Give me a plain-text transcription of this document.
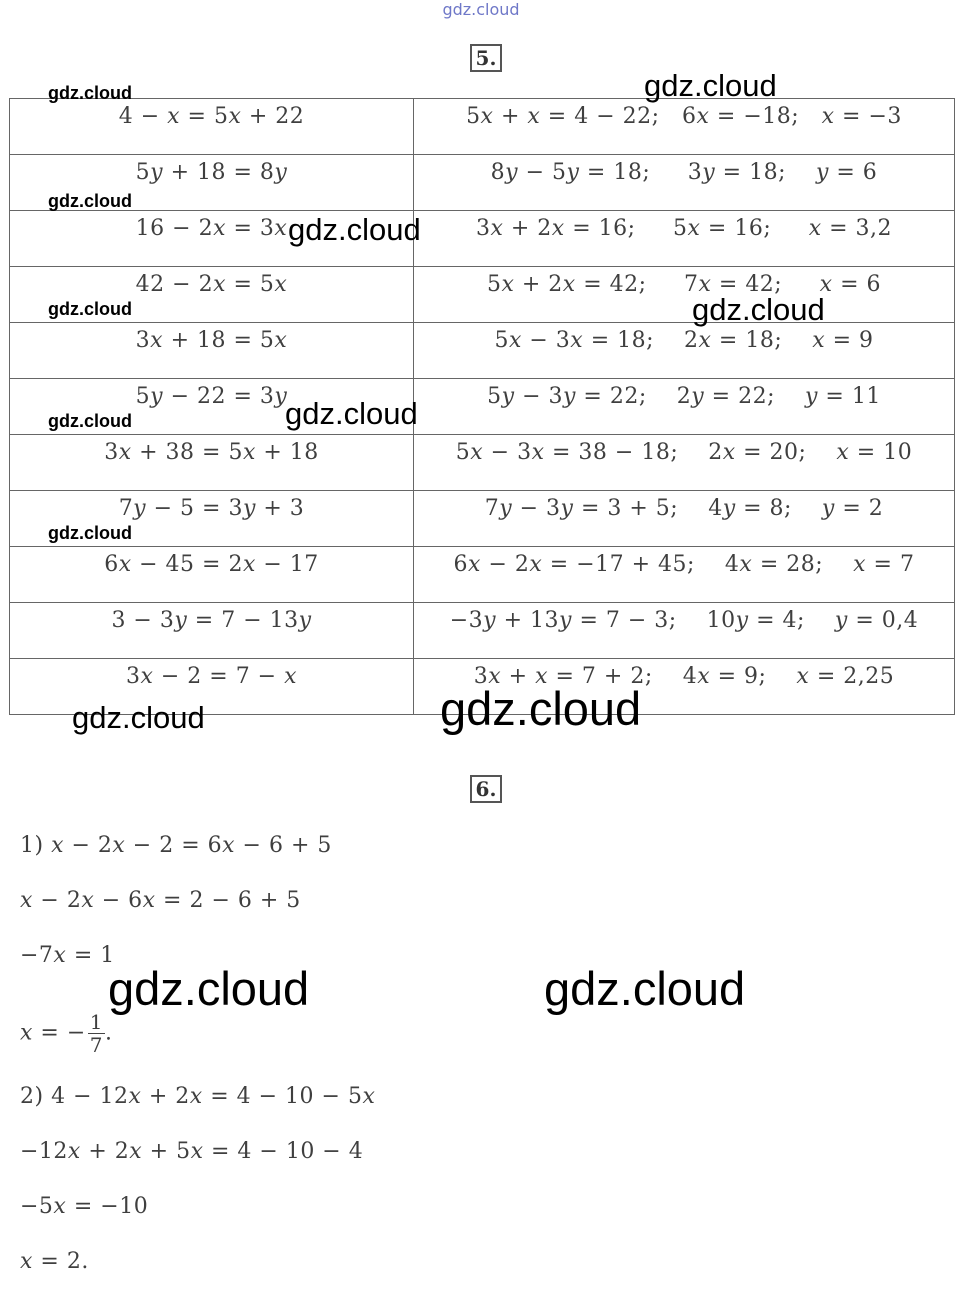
gdz.cloud
5.
4 − 𝑥 = 5𝑥 + 22	5𝑥 + 𝑥 = 4 − 22;   6𝑥 = −18;   𝑥 = −3

5𝑦 + 18 = 8𝑦	8𝑦 − 5𝑦 = 18;     3𝑦 = 18;    𝑦 = 6

16 − 2𝑥 = 3𝑥	3𝑥 + 2𝑥 = 16;     5𝑥 = 16;     𝑥 = 3,2

42 − 2𝑥 = 5𝑥	5𝑥 + 2𝑥 = 42;     7𝑥 = 42;     𝑥 = 6

3𝑥 + 18 = 5𝑥	5𝑥 − 3𝑥 = 18;    2𝑥 = 18;    𝑥 = 9

5𝑦 − 22 = 3𝑦	5𝑦 − 3𝑦 = 22;    2𝑦 = 22;    𝑦 = 11

3𝑥 + 38 = 5𝑥 + 18	5𝑥 − 3𝑥 = 38 − 18;    2𝑥 = 20;    𝑥 = 10

7𝑦 − 5 = 3𝑦 + 3	7𝑦 − 3𝑦 = 3 + 5;    4𝑦 = 8;    𝑦 = 2

6𝑥 − 45 = 2𝑥 − 17	6𝑥 − 2𝑥 = −17 + 45;    4𝑥 = 28;    𝑥 = 7

3 − 3𝑦 = 7 − 13𝑦	−3𝑦 + 13𝑦 = 7 − 3;    10𝑦 = 4;    𝑦 = 0,4

3𝑥 − 2 = 7 − 𝑥	3𝑥 + 𝑥 = 7 + 2;    4𝑥 = 9;    𝑥 = 2,25
6.
1) 𝑥 − 2𝑥 − 2 = 6𝑥 − 6 + 5
𝑥 − 2𝑥 − 6𝑥 = 2 − 6 + 5
−7𝑥 = 1
𝑥 = − $\frac{1}{7}$ .
2) 4 − 12𝑥 + 2𝑥 = 4 − 10 − 5𝑥
−12𝑥 + 2𝑥 + 5𝑥 = 4 − 10 − 4
−5𝑥 = −10
𝑥 = 2.
gdz.cloud	gdz.cloud
gdz.cloud
gdz.cloud
gdz.cloud	gdz.cloud
gdz.cloud	gdz.cloud
gdz.cloud
gdz.cloud	gdz.cloud
gdz.cloud	gdz.cloud
